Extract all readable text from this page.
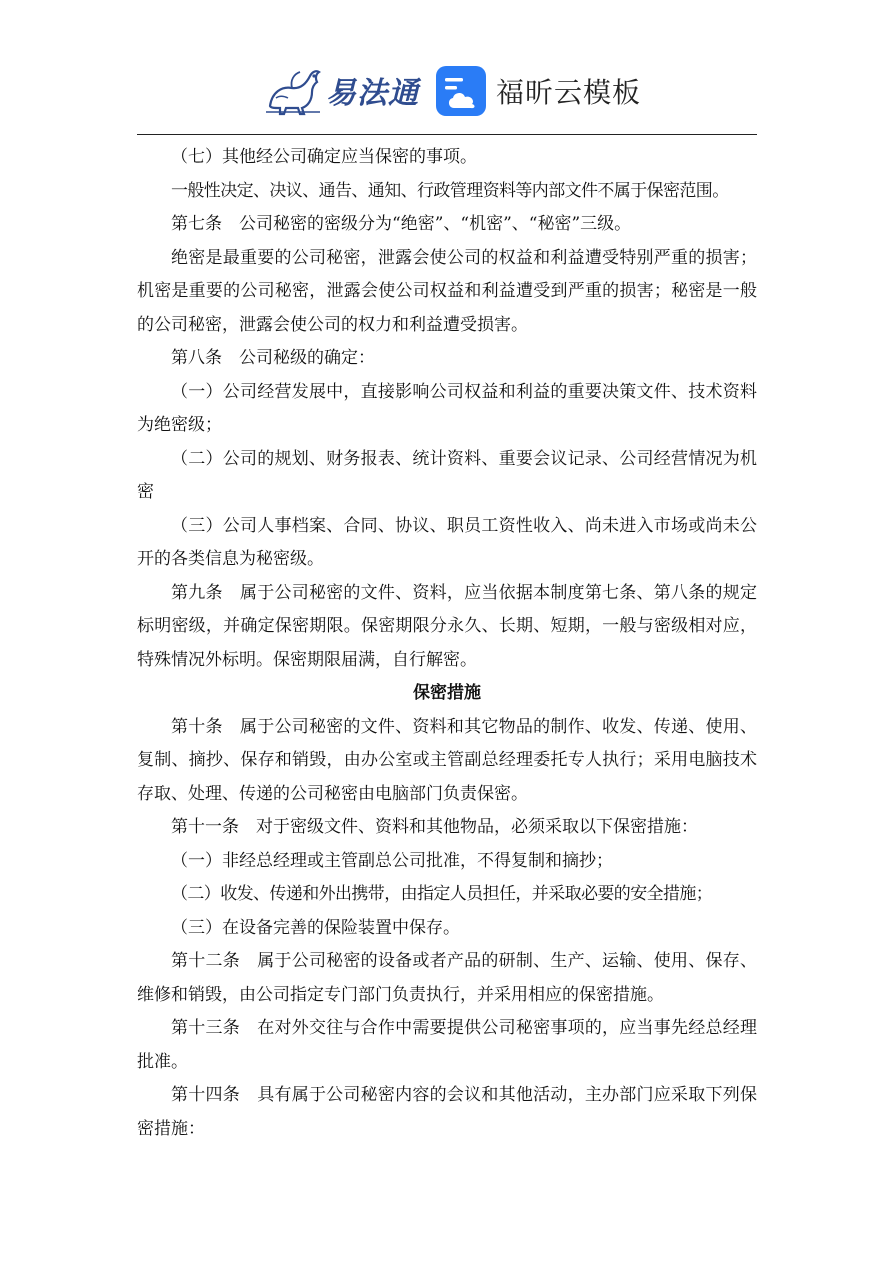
易法通	福昕云模板

（七）其他经公司确定应当保密的事项。

一般性决定、决议、通告、通知、行政管理资料等内部文件不属于保密范围。

第七条　公司秘密的密级分为“绝密”、“机密”、“秘密”三级。

绝密是最重要的公司秘密，泄露会使公司的权益和利益遭受特别严重的损害；机密是重要的公司秘密，泄露会使公司权益和利益遭受到严重的损害；秘密是一般的公司秘密，泄露会使公司的权力和利益遭受损害。

第八条　公司秘级的确定：

（一）公司经营发展中，直接影响公司权益和利益的重要决策文件、技术资料为绝密级；

（二）公司的规划、财务报表、统计资料、重要会议记录、公司经营情况为机密

（三）公司人事档案、合同、协议、职员工资性收入、尚未进入市场或尚未公开的各类信息为秘密级。

第九条　属于公司秘密的文件、资料，应当依据本制度第七条、第八条的规定标明密级，并确定保密期限。保密期限分永久、长期、短期，一般与密级相对应，特殊情况外标明。保密期限届满，自行解密。

保密措施

第十条　属于公司秘密的文件、资料和其它物品的制作、收发、传递、使用、复制、摘抄、保存和销毁，由办公室或主管副总经理委托专人执行；采用电脑技术存取、处理、传递的公司秘密由电脑部门负责保密。

第十一条　对于密级文件、资料和其他物品，必须采取以下保密措施：

（一）非经总经理或主管副总公司批准，不得复制和摘抄；

（二）收发、传递和外出携带，由指定人员担任，并采取必要的安全措施；

（三）在设备完善的保险装置中保存。

第十二条　属于公司秘密的设备或者产品的研制、生产、运输、使用、保存、维修和销毁，由公司指定专门部门负责执行，并采用相应的保密措施。

第十三条　在对外交往与合作中需要提供公司秘密事项的，应当事先经总经理批准。

第十四条　具有属于公司秘密内容的会议和其他活动，主办部门应采取下列保密措施：
